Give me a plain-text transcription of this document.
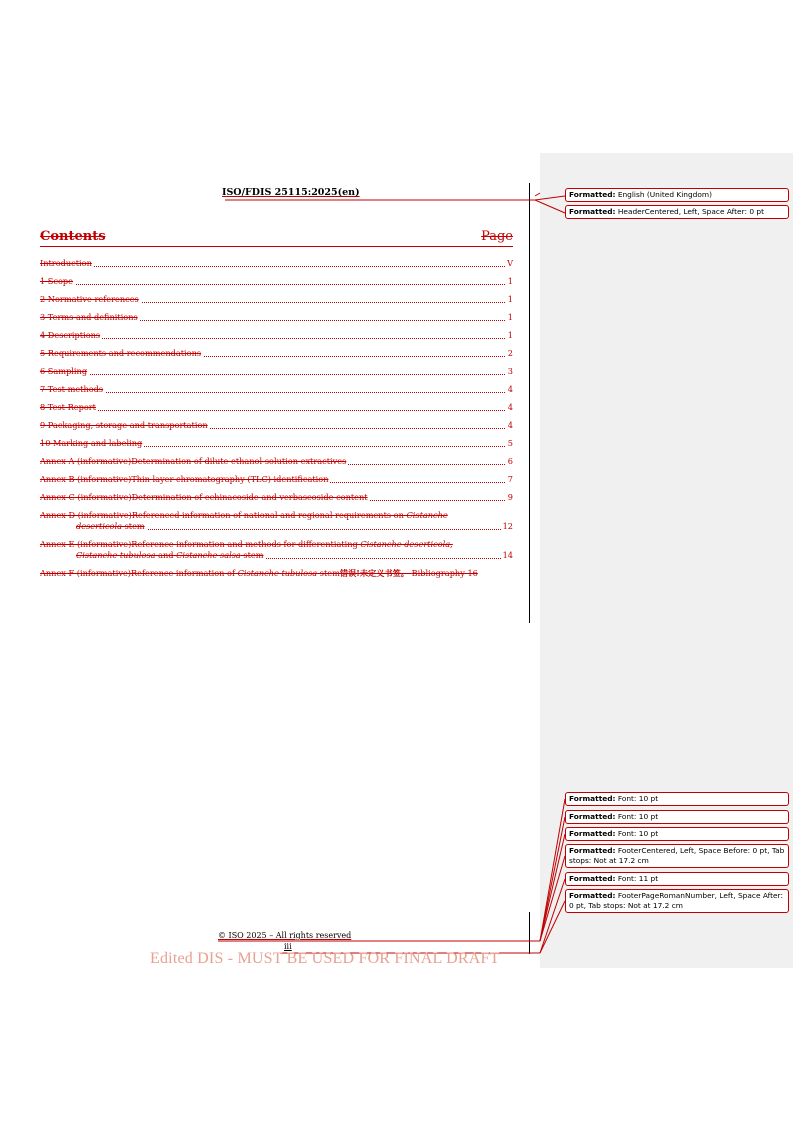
ISO/FDIS 25115:2025(en)
Contents	Page
Introduction	V
1 Scope	1
2 Normative references	1
3 Terms and definitions	1
4 Descriptions	1
5 Requirements and recommendations	2
6 Sampling	3
7 Test methods	4
8 Test Report	4
9 Packaging, storage and transportation	4
10 Marking and labeling	5
Annex A (informative)Determination of dilute ethanol-solution extractives	6
Annex B (informative)Thin layer chromatography (TLC) identification	7
Annex C (informative)Determination of echinacoside and verbascoside content	9
Annex D (informative)Referenced information of national and regional requirements on Cistanche
deserticola stem	12
Annex E (informative)Reference information and methods for differentiating Cistanche deserticola,
Cistanche tubulosa and Cistanche salsa stem	14
Annex F (informative)Reference information of Cistanche tubulosa stem错误!未定义书签。 Bibliography 16
Formatted: English (United Kingdom)
Formatted: HeaderCentered, Left, Space After: 0 pt
Formatted: Font: 10 pt
Formatted: Font: 10 pt
Formatted: Font: 10 pt
Formatted: FooterCentered, Left, Space Before: 0 pt, Tab stops: Not at 17.2 cm
Formatted: Font: 11 pt
Formatted: FooterPageRomanNumber, Left, Space After: 0 pt, Tab stops: Not at 17.2 cm
© ISO 2025 – All rights reserved
iii
Edited DIS - MUST BE USED FOR FINAL DRAFT
